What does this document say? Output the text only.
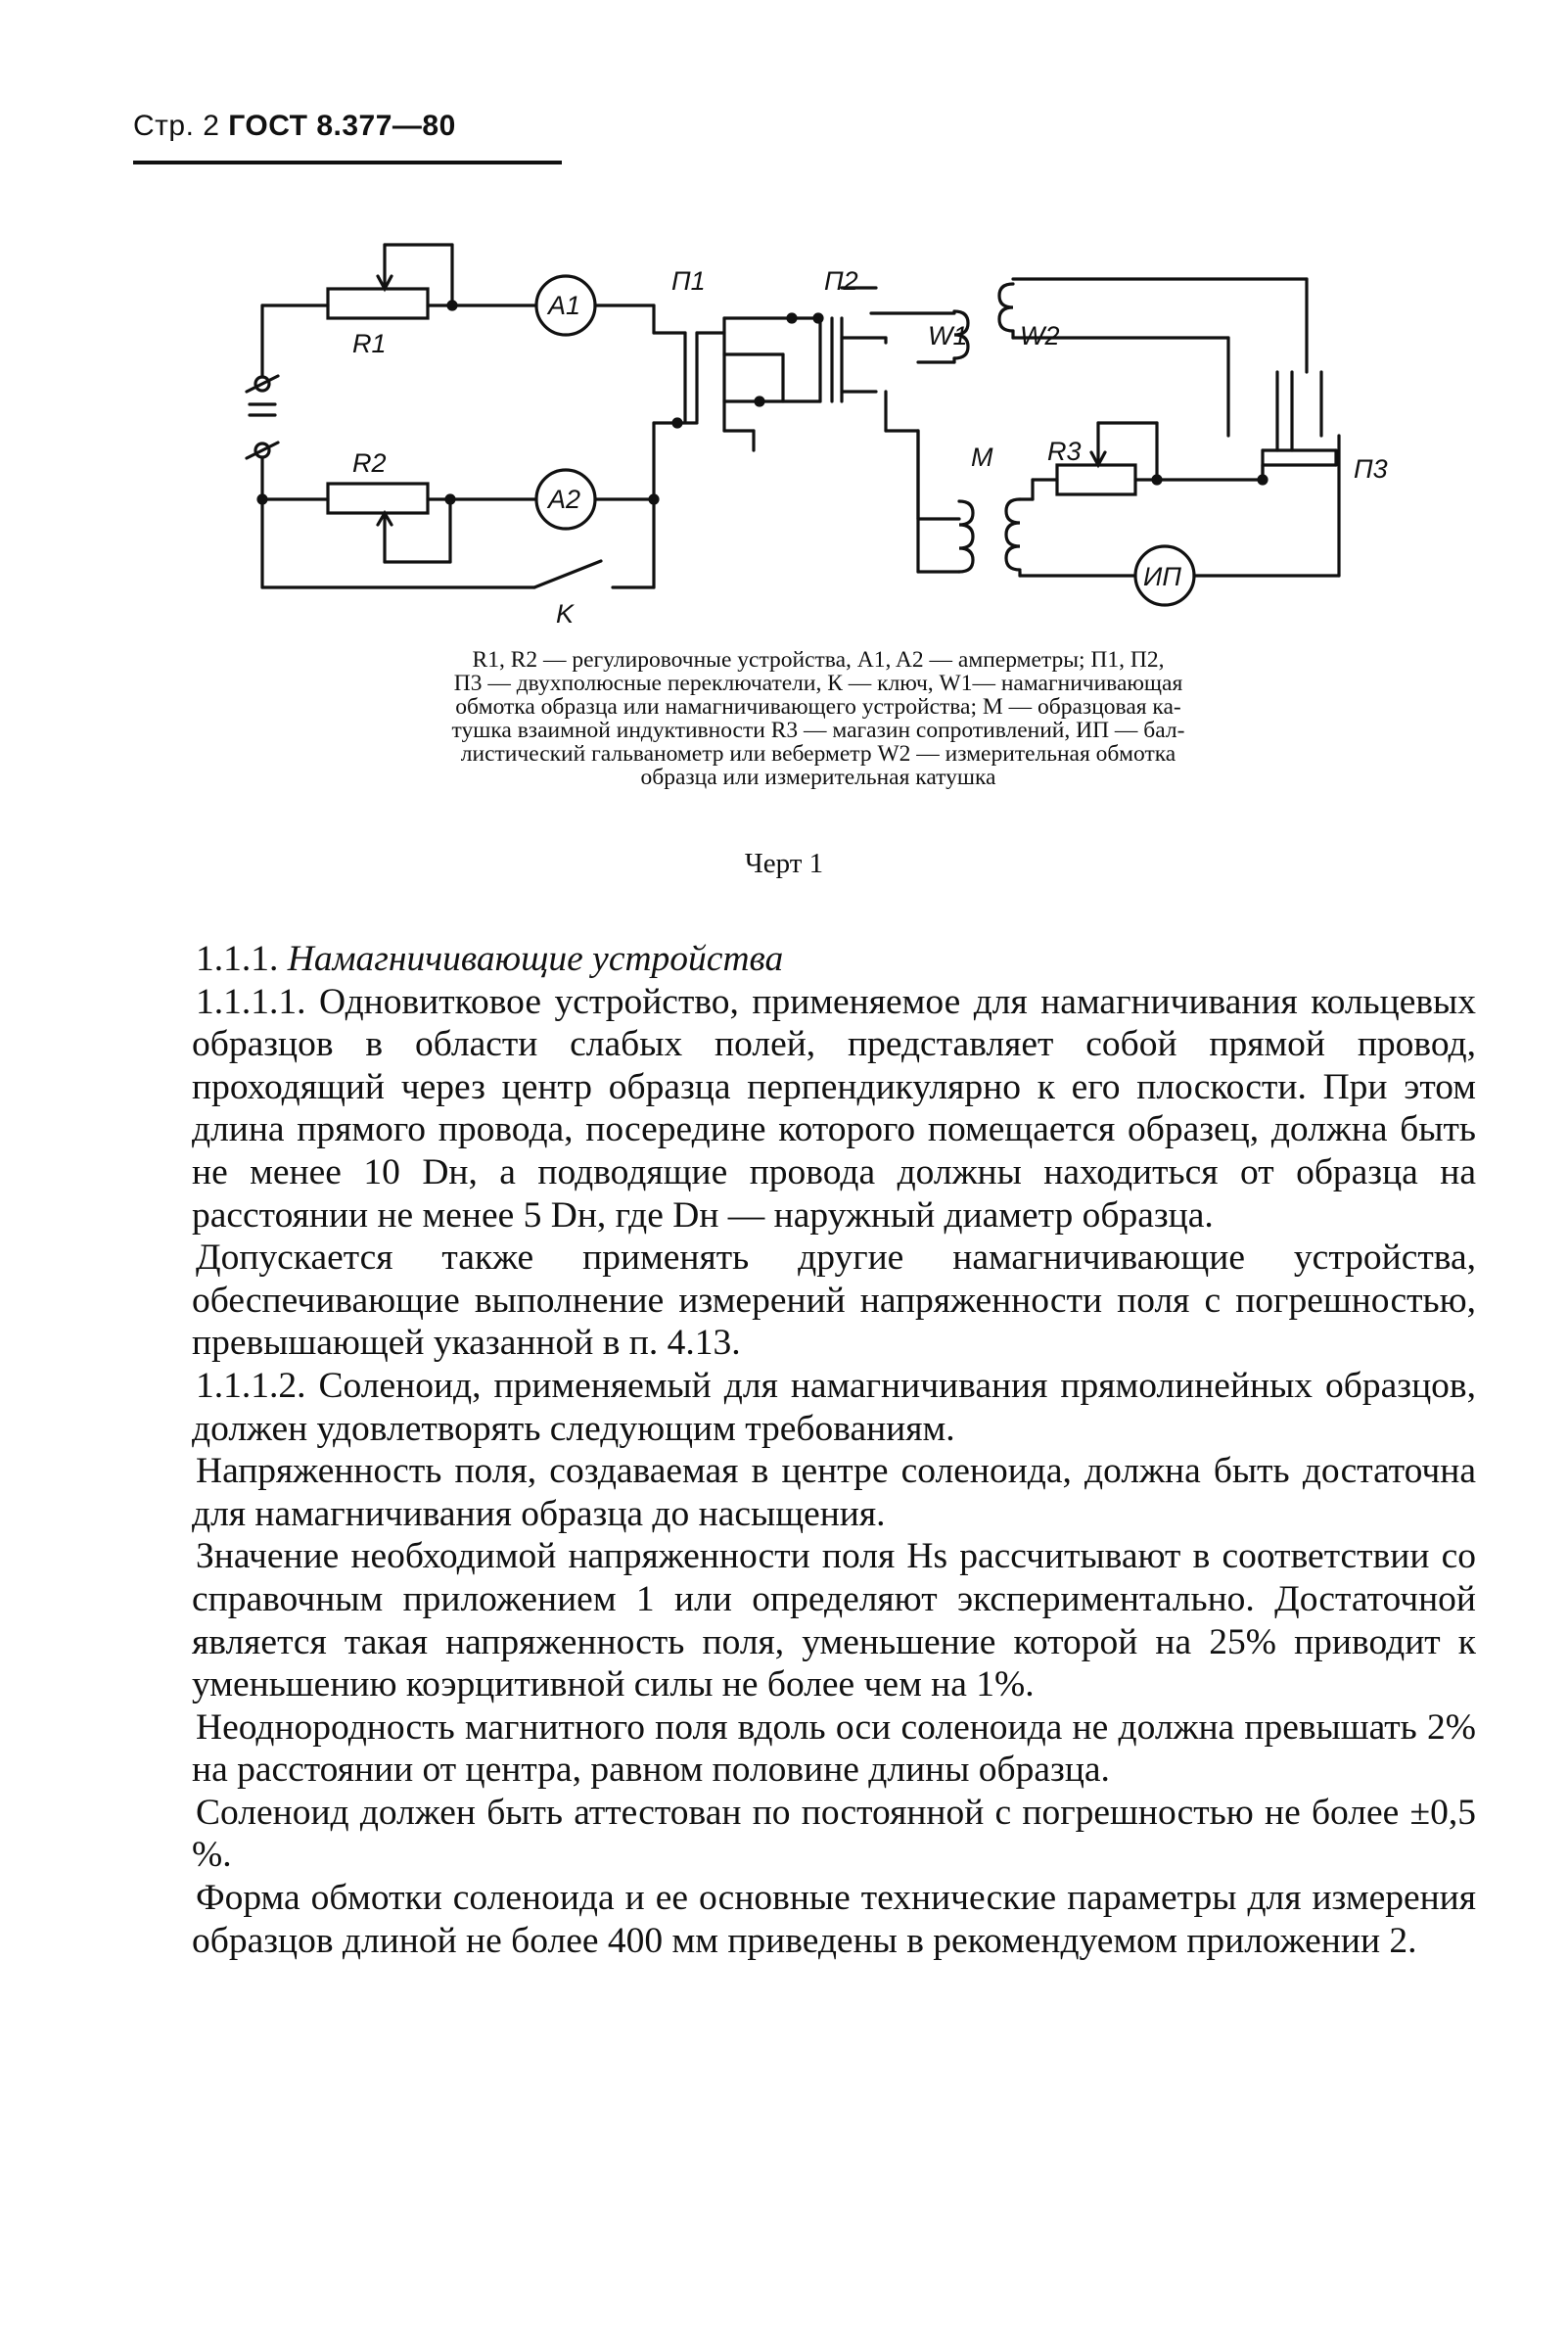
Стр. 2 ГОСТ 8.377—80
R1
R2
A1
A2
П1	П2
W1 W2
M R3
П3
ИП
K
R1, R2 — регулировочные устройства, A1, A2 — амперметры; П1, П2,
П3 — двухполюсные переключатели, К — ключ, W1— намагничивающая
обмотка образца или намагничивающего устройства; М — образцовая ка-
тушка взаимной индуктивности R3 — магазин сопротивлений, ИП — бал-
листический гальванометр или веберметр W2 — измерительная обмотка
образца или измерительная катушка
Черт 1

1.1.1. Намагничивающие устройства

1.1.1.1. Одновитковое устройство, применяемое для намагничивания кольцевых образцов в области слабых полей, представляет собой прямой провод, проходящий через центр образца перпендикулярно к его плоскости. При этом длина прямого провода, посередине которого помещается образец, должна быть не менее 10 Dн, а подводящие провода должны находиться от образца на расстоянии не менее 5 Dн, где Dн — наружный диаметр образца.

Допускается также применять другие намагничивающие устройства, обеспечивающие выполнение измерений напряженности поля с погрешностью, превышающей указанной в п. 4.13.

1.1.1.2. Соленоид, применяемый для намагничивания прямолинейных образцов, должен удовлетворять следующим требованиям.

Напряженность поля, создаваемая в центре соленоида, должна быть достаточна для намагничивания образца до насыщения.

Значение необходимой напряженности поля Hs рассчитывают в соответствии со справочным приложением 1 или определяют экспериментально. Достаточной является такая напряженность поля, уменьшение которой на 25% приводит к уменьшению коэрцитивной силы не более чем на 1%.

Неоднородность магнитного поля вдоль оси соленоида не должна превышать 2% на расстоянии от центра, равном половине длины образца.

Соленоид должен быть аттестован по постоянной с погрешностью не более ±0,5 %.

Форма обмотки соленоида и ее основные технические параметры для измерения образцов длиной не более 400 мм приведены в рекомендуемом приложении 2.
